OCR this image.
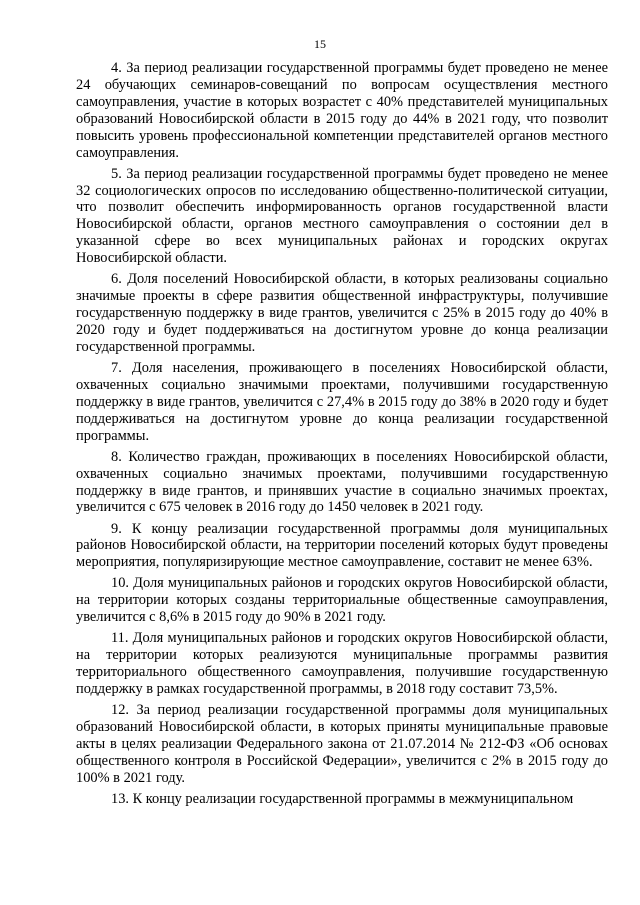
15

4. За период реализации государственной программы будет проведено не менее 24 обучающих семинаров-совещаний по вопросам осуществления местного самоуправления, участие в которых возрастет с 40% представителей муниципальных образований Новосибирской области в 2015 году до 44% в 2021 году, что позволит повысить уровень профессиональной компетенции представителей органов местного самоуправления.

5. За период реализации государственной программы будет проведено не менее 32 социологических опросов по исследованию общественно-политической ситуации, что позволит обеспечить информированность органов государственной власти Новосибирской области, органов местного самоуправления о состоянии дел в указанной сфере во всех муниципальных районах и городских округах Новосибирской области.

6. Доля поселений Новосибирской области, в которых реализованы социально значимые проекты в сфере развития общественной инфраструктуры, получившие государственную поддержку в виде грантов, увеличится с 25% в 2015 году до 40% в 2020 году и будет поддерживаться на достигнутом уровне до конца реализации государственной программы.

7. Доля населения, проживающего в поселениях Новосибирской области, охваченных социально значимыми проектами, получившими государственную поддержку в виде грантов, увеличится с 27,4% в 2015 году до 38% в 2020 году и будет поддерживаться на достигнутом уровне до конца реализации государственной программы.

8. Количество граждан, проживающих в поселениях Новосибирской области, охваченных социально значимых проектами, получившими государственную поддержку в виде грантов, и принявших участие в социально значимых проектах, увеличится с 675 человек в 2016 году до 1450 человек в 2021 году.

9. К концу реализации государственной программы доля муниципальных районов Новосибирской области, на территории поселений которых будут проведены мероприятия, популяризирующие местное самоуправление, составит не менее 63%.

10. Доля муниципальных районов и городских округов Новосибирской области, на территории которых созданы территориальные общественные самоуправления, увеличится с 8,6% в 2015 году до 90% в 2021 году.

11. Доля муниципальных районов и городских округов Новосибирской области, на территории которых реализуются муниципальные программы развития территориального общественного самоуправления, получившие государственную поддержку в рамках государственной программы, в 2018 году составит 73,5%.

12. За период реализации государственной программы доля муниципальных образований Новосибирской области, в которых приняты муниципальные правовые акты в целях реализации Федерального закона от 21.07.2014 № 212-ФЗ «Об основах общественного контроля в Российской Федерации», увеличится с 2% в 2015 году до 100% в 2021 году.

13. К концу реализации государственной программы в межмуниципальном
